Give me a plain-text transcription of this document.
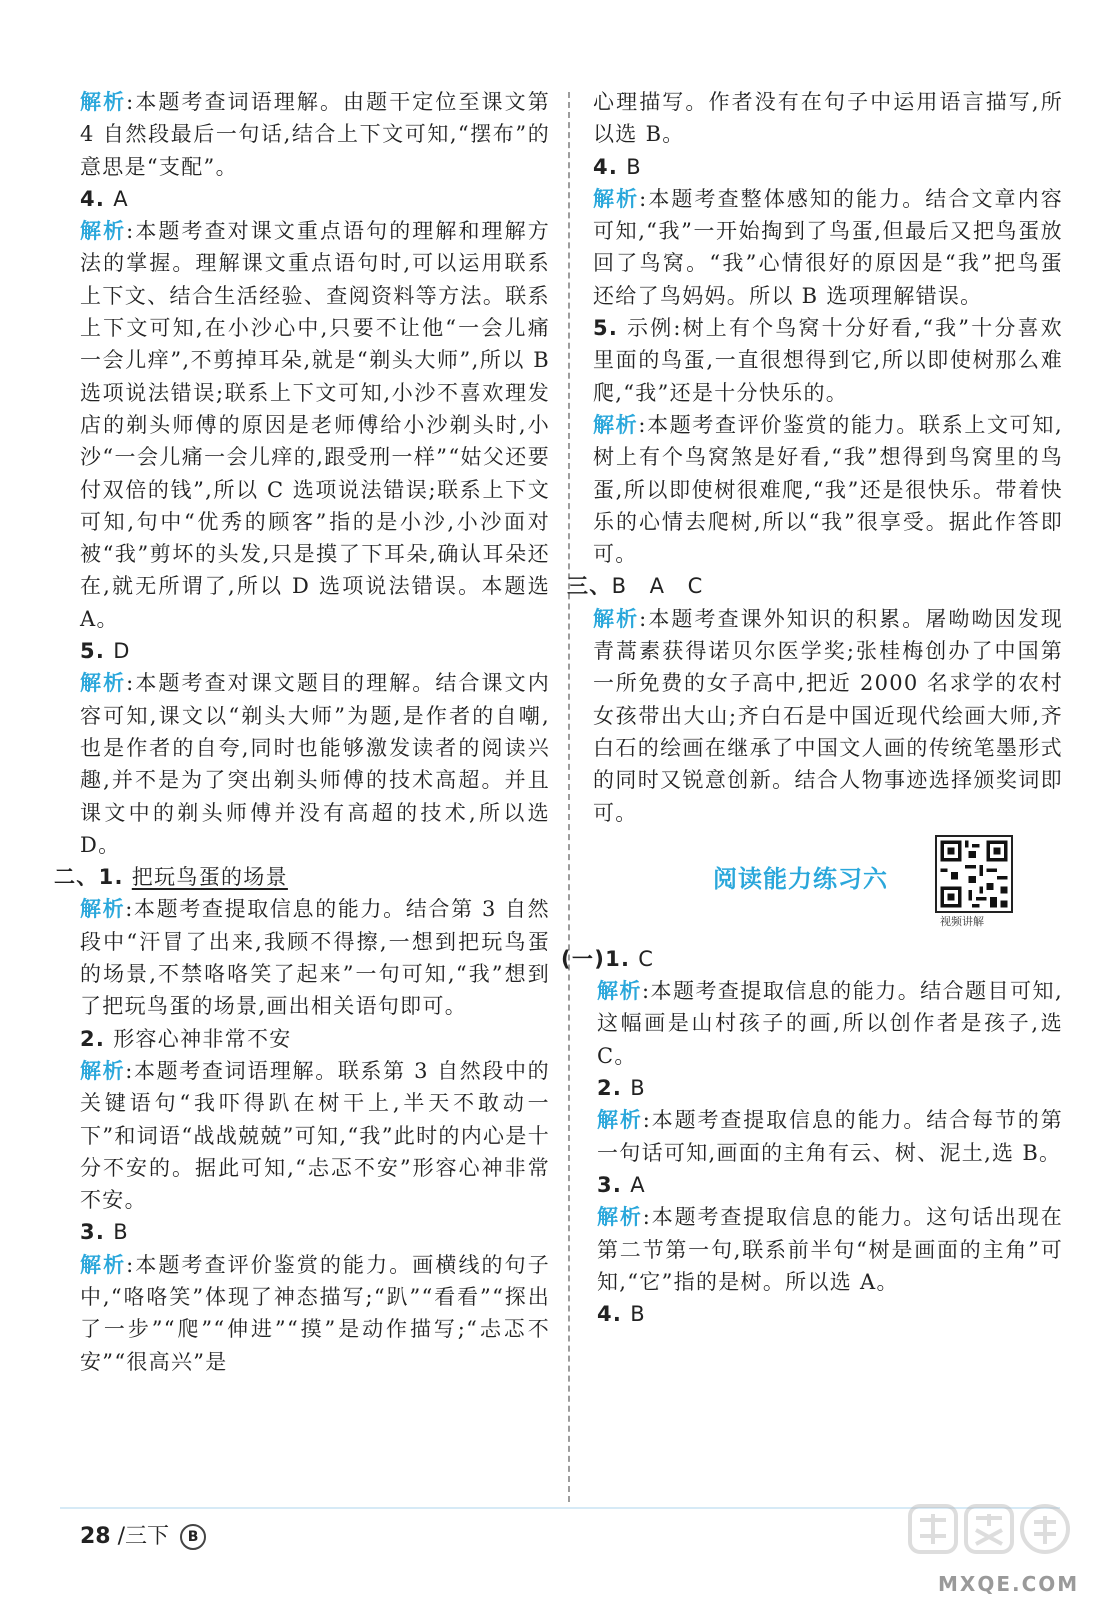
解析:本题考查词语理解。由题干定位至课文第 4 自然段最后一句话,结合上下文可知,“摆布”的意思是“支配”。

4. A

解析:本题考查对课文重点语句的理解和理解方法的掌握。理解课文重点语句时,可以运用联系上下文、结合生活经验、查阅资料等方法。联系上下文可知,在小沙心中,只要不让他“一会儿痛一会儿痒”,不剪掉耳朵,就是“剃头大师”,所以 B 选项说法错误;联系上下文可知,小沙不喜欢理发店的剃头师傅的原因是老师傅给小沙剃头时,小沙“一会儿痛一会儿痒的,跟受刑一样”“姑父还要付双倍的钱”,所以 C 选项说法错误;联系上下文可知,句中“优秀的顾客”指的是小沙,小沙面对被“我”剪坏的头发,只是摸了下耳朵,确认耳朵还在,就无所谓了,所以 D 选项说法错误。本题选 A。

5. D

解析:本题考查对课文题目的理解。结合课文内容可知,课文以“剃头大师”为题,是作者的自嘲,也是作者的自夸,同时也能够激发读者的阅读兴趣,并不是为了突出剃头师傅的技术高超。并且课文中的剃头师傅并没有高超的技术,所以选 D。

二、1. 把玩鸟蛋的场景

解析:本题考查提取信息的能力。结合第 3 自然段中“汗冒了出来,我顾不得擦,一想到把玩鸟蛋的场景,不禁咯咯笑了起来”一句可知,“我”想到了把玩鸟蛋的场景,画出相关语句即可。

2. 形容心神非常不安

解析:本题考查词语理解。联系第 3 自然段中的关键语句“我吓得趴在树干上,半天不敢动一下”和词语“战战兢兢”可知,“我”此时的内心是十分不安的。据此可知,“忐忑不安”形容心神非常不安。

3. B

解析:本题考查评价鉴赏的能力。画横线的句子中,“咯咯笑”体现了神态描写;“趴”“看看”“探出了一步”“爬”“伸进”“摸”是动作描写;“忐忑不安”“很高兴”是

心理描写。作者没有在句子中运用语言描写,所以选 B。

4. B

解析:本题考查整体感知的能力。结合文章内容可知,“我”一开始掏到了鸟蛋,但最后又把鸟蛋放回了鸟窝。“我”心情很好的原因是“我”把鸟蛋还给了鸟妈妈。所以 B 选项理解错误。

5. 示例:树上有个鸟窝十分好看,“我”十分喜欢里面的鸟蛋,一直很想得到它,所以即使树那么难爬,“我”还是十分快乐的。

解析:本题考查评价鉴赏的能力。联系上文可知,树上有个鸟窝煞是好看,“我”想得到鸟窝里的鸟蛋,所以即使树很难爬,“我”还是很快乐。带着快乐的心情去爬树,所以“我”很享受。据此作答即可。

三、B　A　C

解析:本题考查课外知识的积累。屠呦呦因发现青蒿素获得诺贝尔医学奖;张桂梅创办了中国第一所免费的女子高中,把近 2000 名求学的农村女孩带出大山;齐白石是中国近现代绘画大师,齐白石的绘画在继承了中国文人画的传统笔墨形式的同时又锐意创新。结合人物事迹选择颁奖词即可。

阅读能力练习六
视频讲解

(一)1. C

解析:本题考查提取信息的能力。结合题目可知,这幅画是山村孩子的画,所以创作者是孩子,选 C。

2. B

解析:本题考查提取信息的能力。结合每节的第一句话可知,画面的主角有云、树、泥土,选 B。

3. A

解析:本题考查提取信息的能力。这句话出现在第二节第一句,联系前半句“树是画面的主角”可知,“它”指的是树。所以选 A。

4. B

28 /三下 B
MXQE.COM
